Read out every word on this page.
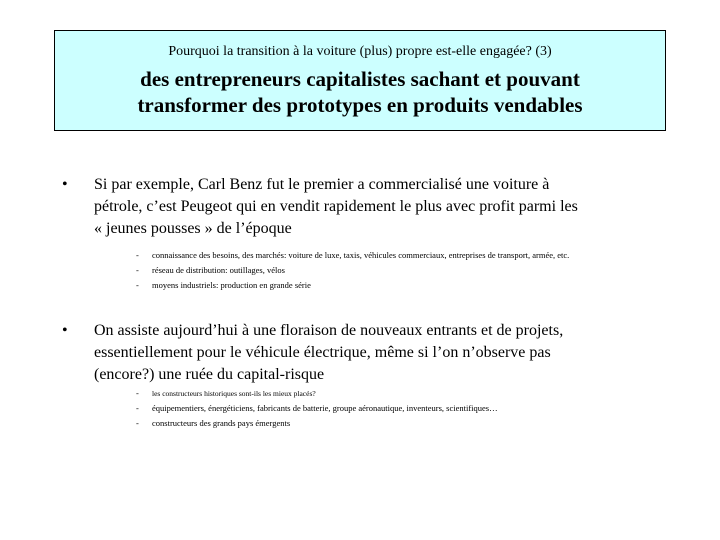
Pourquoi la transition à la voiture (plus) propre est-elle engagée? (3)
des entrepreneurs capitalistes sachant et pouvant
transformer des prototypes en produits vendables
• Si par exemple, Carl Benz fut le premier a commercialisé une voiture à
pétrole, c’est Peugeot qui en vendit rapidement le plus avec profit parmi les
« jeunes pousses » de l’époque
- connaissance des besoins, des marchés: voiture de luxe, taxis, véhicules commerciaux, entreprises de transport, armée, etc.
- réseau de distribution: outillages, vélos
- moyens industriels: production en grande série
• On assiste aujourd’hui à une floraison de nouveaux entrants et de projets,
essentiellement pour le véhicule électrique, même si l’on n’observe pas
(encore?) une ruée du capital-risque
- les constructeurs historiques sont-ils les mieux placés?
- équipementiers, énergéticiens, fabricants de batterie, groupe aéronautique, inventeurs, scientifiques…
- constructeurs des grands pays émergents
